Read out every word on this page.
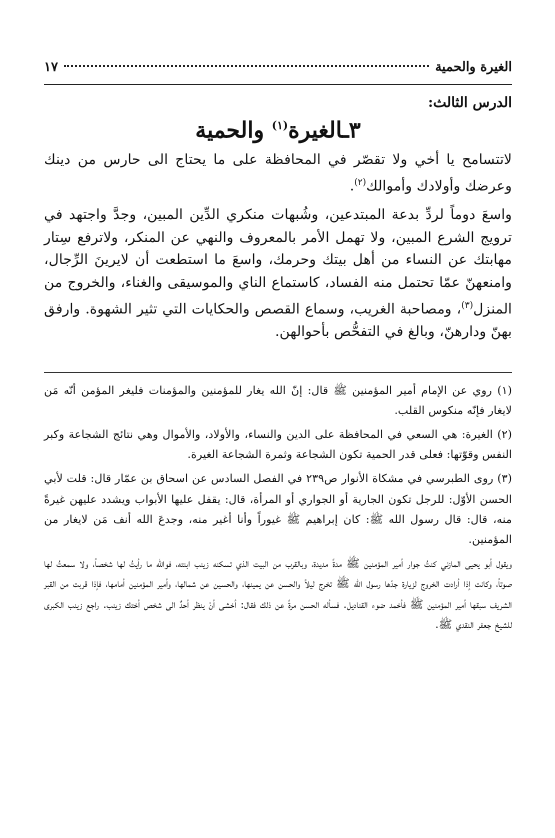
الغيرة والحمية
١٧
الدرس الثالث:
٣ـالغيرة$^{(١)}$ والحمية

لاتتسامح يا أخي ولا تقصّر في المحافظة على ما يحتاج الى حارس من دينك وعرضك وأولادك وأموالك$^{(٢)}$.

واسعَ دوماً لردِّ بدعة المبتدعين، وشُبهات منكري الدِّين المبين، وجدَّ واجتهد في ترويج الشرع المبين، ولا تهمل الأمر بالمعروف والنهي عن المنكر، ولاترفع سِتار مهابتك عن النساء من أهل بيتك وحرمك، واسعَ ما استطعت أن لايرينَ الرِّجال، وامنعهنّ عمّا تحتمل منه الفساد، كاستماع الناي والموسيقى والغناء، والخروج من المنزل$^{(٣)}$، ومصاحبة الغريب، وسماع القصص والحكايات التي تثير الشهوة. وارفق بهنّ ودارهنّ، وبالغ في التفحُّص بأحوالهن.

(١) روي عن الإمام أمير المؤمنين ﷺ قال: إنّ الله يغار للمؤمنين والمؤمنات فليغر المؤمن أنّه مَن لايغار فإنّه منكوس القلب.

(٢) الغيرة: هي السعي في المحافظة على الدين والنساء، والأولاد، والأموال وهي نتائج الشجاعة وكبر النفس وقوّتها: فعلى قدر الحمية تكون الشجاعة وثمرة الشجاعة الغيرة.

(٣) روى الطبرسي في مشكاة الأنوار ص٢٣٩ في الفصل السادس عن اسحاق بن عمّار قال: قلت لأبي الحسن الأوّل: للرجل تكون الجارية أو الجواري أو المرأة، قال: يقفل عليها الأبواب ويشدد عليهن غيرةً منه، قال: قال رسول الله ﷺ: كان إبراهيم ﷺ غيوراً وأنا أغير منه، وجدعَ الله أنف مَن لايغار من المؤمنين.

ويقول أبو يحيى المازني كنتُ جوار أمير المؤمنين ﷺ مدةً مديدة، وبالقرب من البيت الذي تسكنه زينب ابنته، فوالله ما رأيتُ لها شخصاً، ولا سمعتُ لها صوتاً، وكانت إذا أرادت الخروج لزيارة جدّها رسول الله ﷺ تخرج ليلاً والحسن عن يمينها، والحسين عن شمالها، وأمير المؤمنين أمامها، فإذا قربت من القبر الشريف سبقها أمير المؤمنين ﷺ فأخمد ضوء القناديل. فسأله الحسن مرةً عن ذلك فقال: أخشى أنْ ينظر أحدٌ الى شخص أختك زينب. راجع زينب الكبرى للشيخ جعفر النقدي ﷺ.
